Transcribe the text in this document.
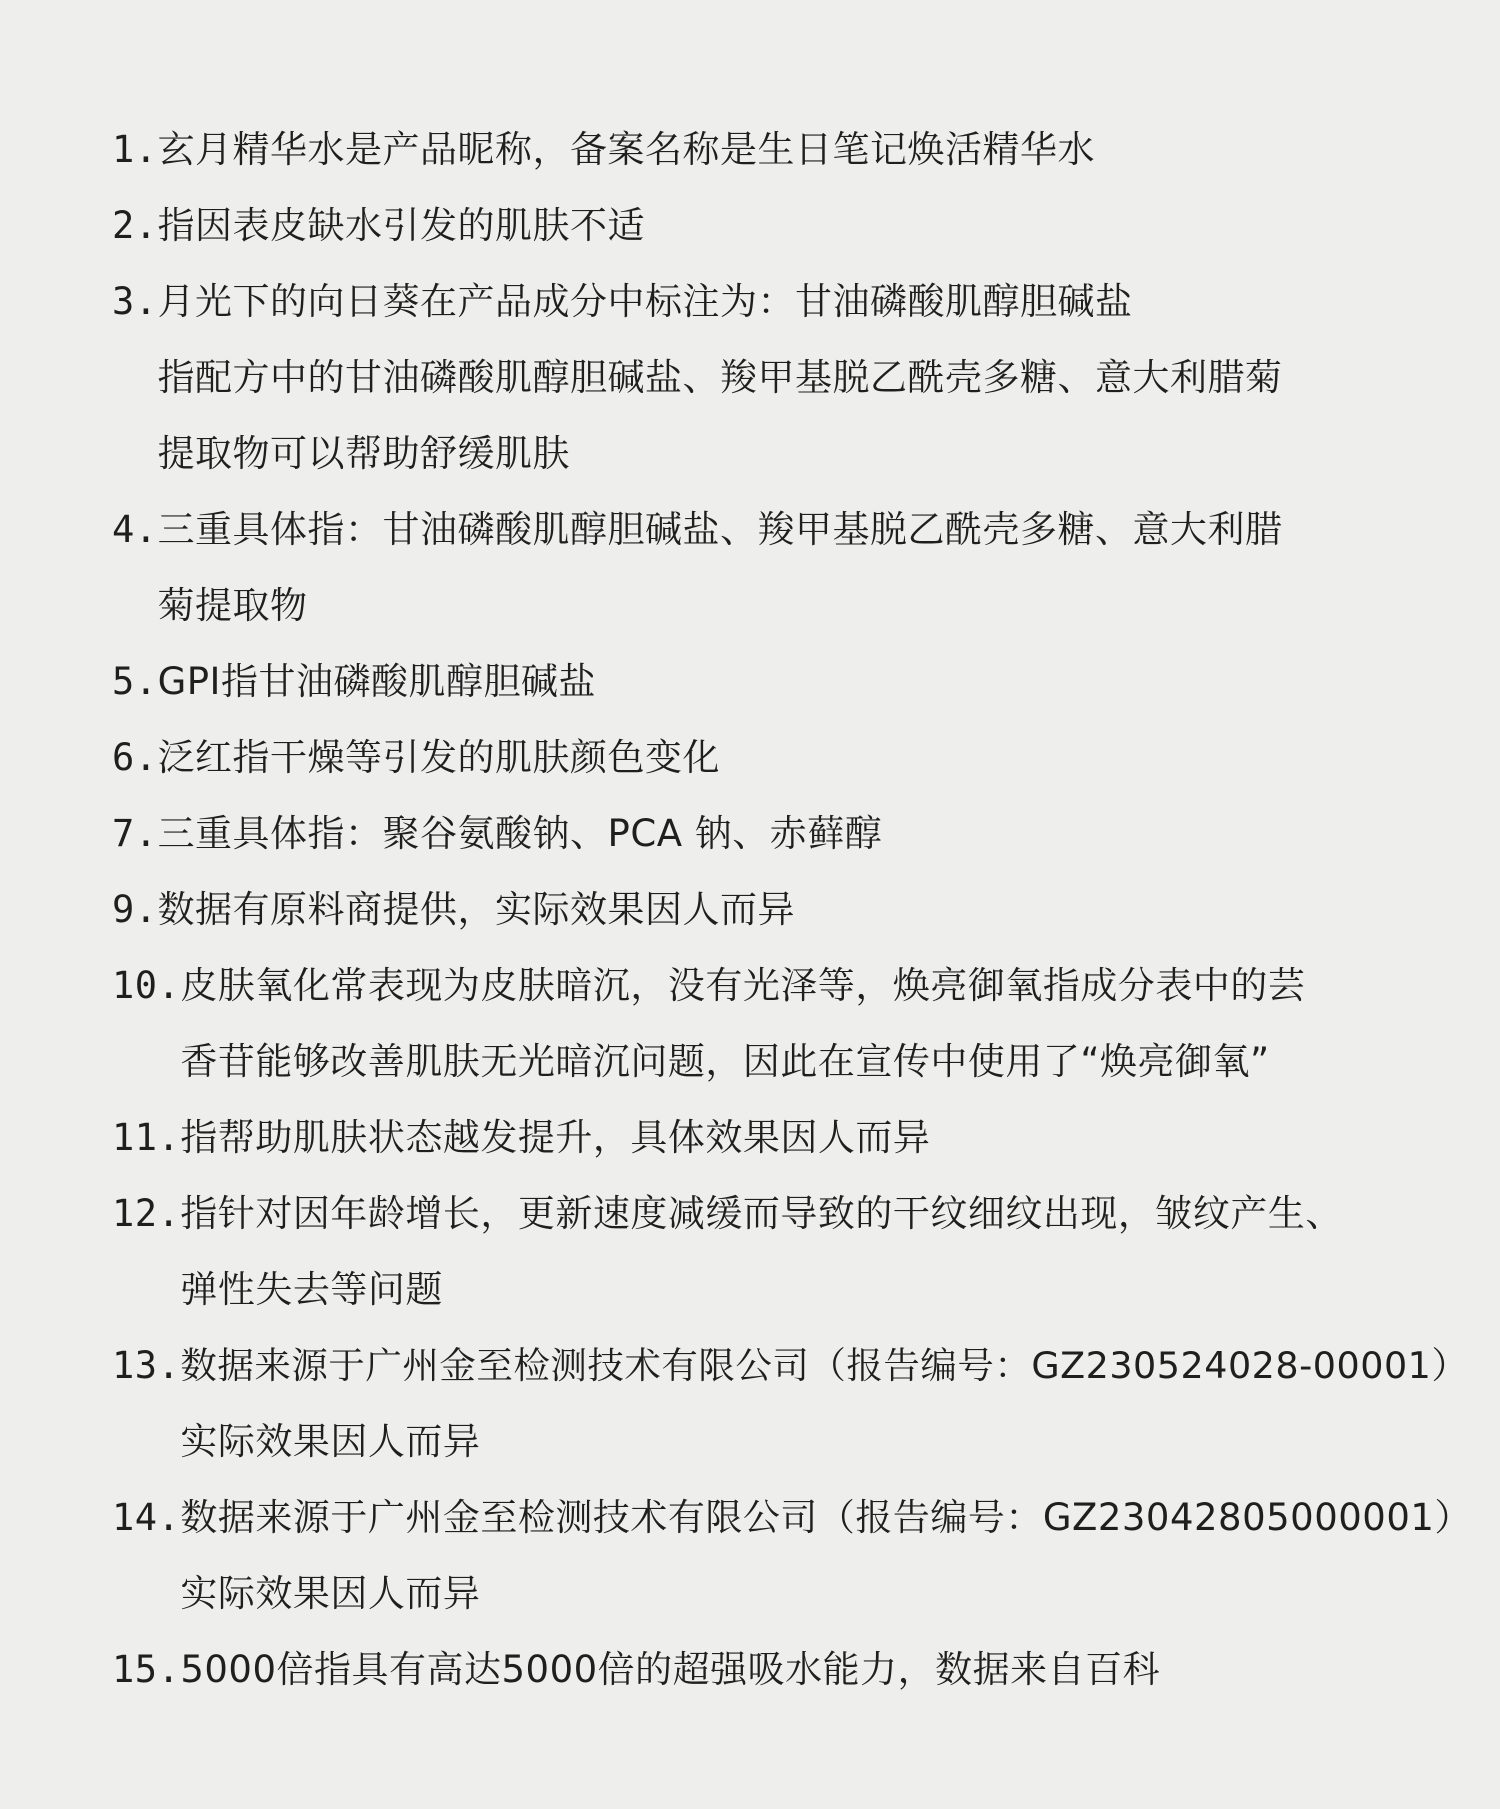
1. 玄月精华水是产品昵称，备案名称是生日笔记焕活精华水
2. 指因表皮缺水引发的肌肤不适
3. 月光下的向日葵在产品成分中标注为：甘油磷酸肌醇胆碱盐
指配方中的甘油磷酸肌醇胆碱盐、羧甲基脱乙酰壳多糖、意大利腊菊
提取物可以帮助舒缓肌肤
4. 三重具体指：甘油磷酸肌醇胆碱盐、羧甲基脱乙酰壳多糖、意大利腊
菊提取物
5. GPI指甘油磷酸肌醇胆碱盐
6. 泛红指干燥等引发的肌肤颜色变化
7. 三重具体指：聚谷氨酸钠、PCA 钠、赤藓醇
9. 数据有原料商提供，实际效果因人而异
10. 皮肤氧化常表现为皮肤暗沉，没有光泽等，焕亮御氧指成分表中的芸
香苷能够改善肌肤无光暗沉问题，因此在宣传中使用了“焕亮御氧”
11. 指帮助肌肤状态越发提升，具体效果因人而异
12. 指针对因年龄增长，更新速度减缓而导致的干纹细纹出现，皱纹产生、
弹性失去等问题
13. 数据来源于广州金至检测技术有限公司（报告编号：GZ230524028-00001）
实际效果因人而异
14. 数据来源于广州金至检测技术有限公司（报告编号：GZ23042805000001）
实际效果因人而异
15. 5000倍指具有高达5000倍的超强吸水能力，数据来自百科
